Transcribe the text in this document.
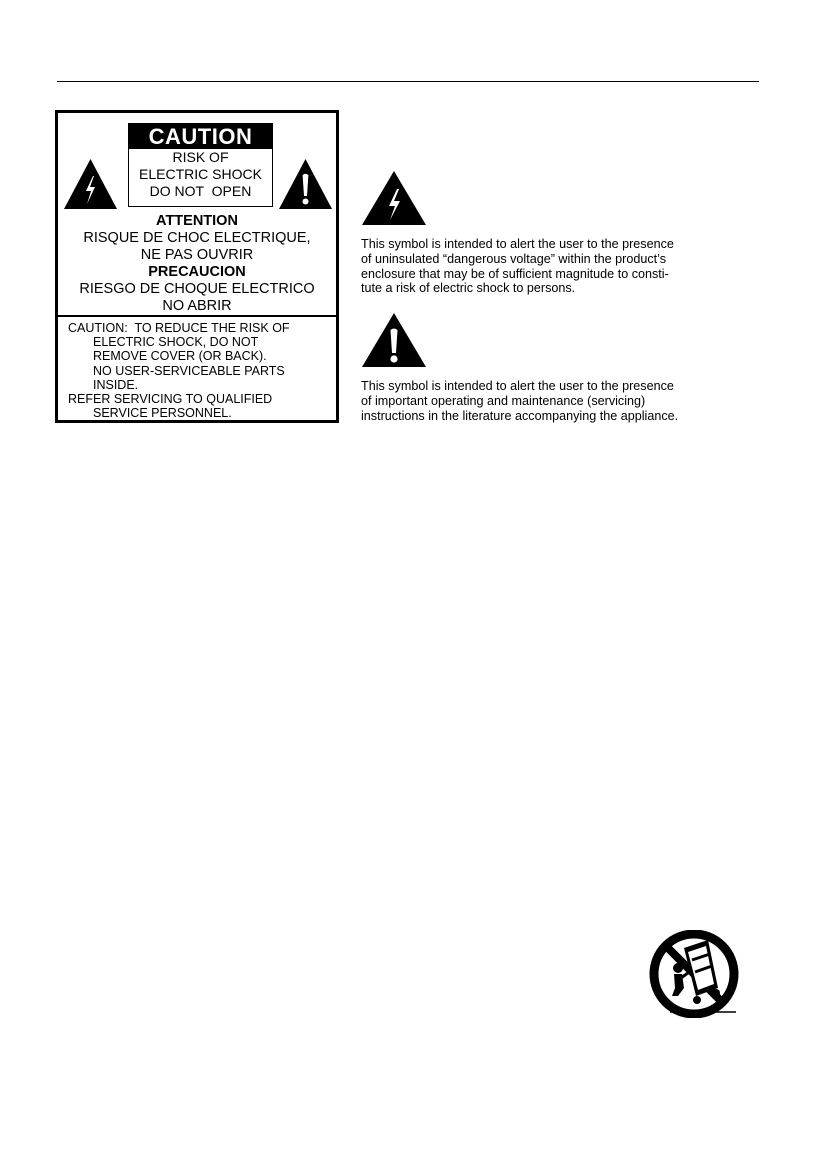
CAUTION
RISK OF
ELECTRIC SHOCK
DO NOT  OPEN
ATTENTION
RISQUE DE CHOC ELECTRIQUE,
NE PAS OUVRIR
PRECAUCION
RIESGO DE CHOQUE ELECTRICO
NO ABRIR
CAUTION:  TO REDUCE THE RISK OF
ELECTRIC SHOCK, DO NOT
REMOVE COVER (OR BACK).
NO USER-SERVICEABLE PARTS
INSIDE.
REFER SERVICING TO QUALIFIED
SERVICE PERSONNEL.
This symbol is intended to alert the user to the presence
of uninsulated “dangerous voltage” within the product’s
enclosure that may be of sufficient magnitude to consti-
tute a risk of electric shock to persons.
This symbol is intended to alert the user to the presence
of important operating and maintenance (servicing)
instructions in the literature accompanying the appliance.
